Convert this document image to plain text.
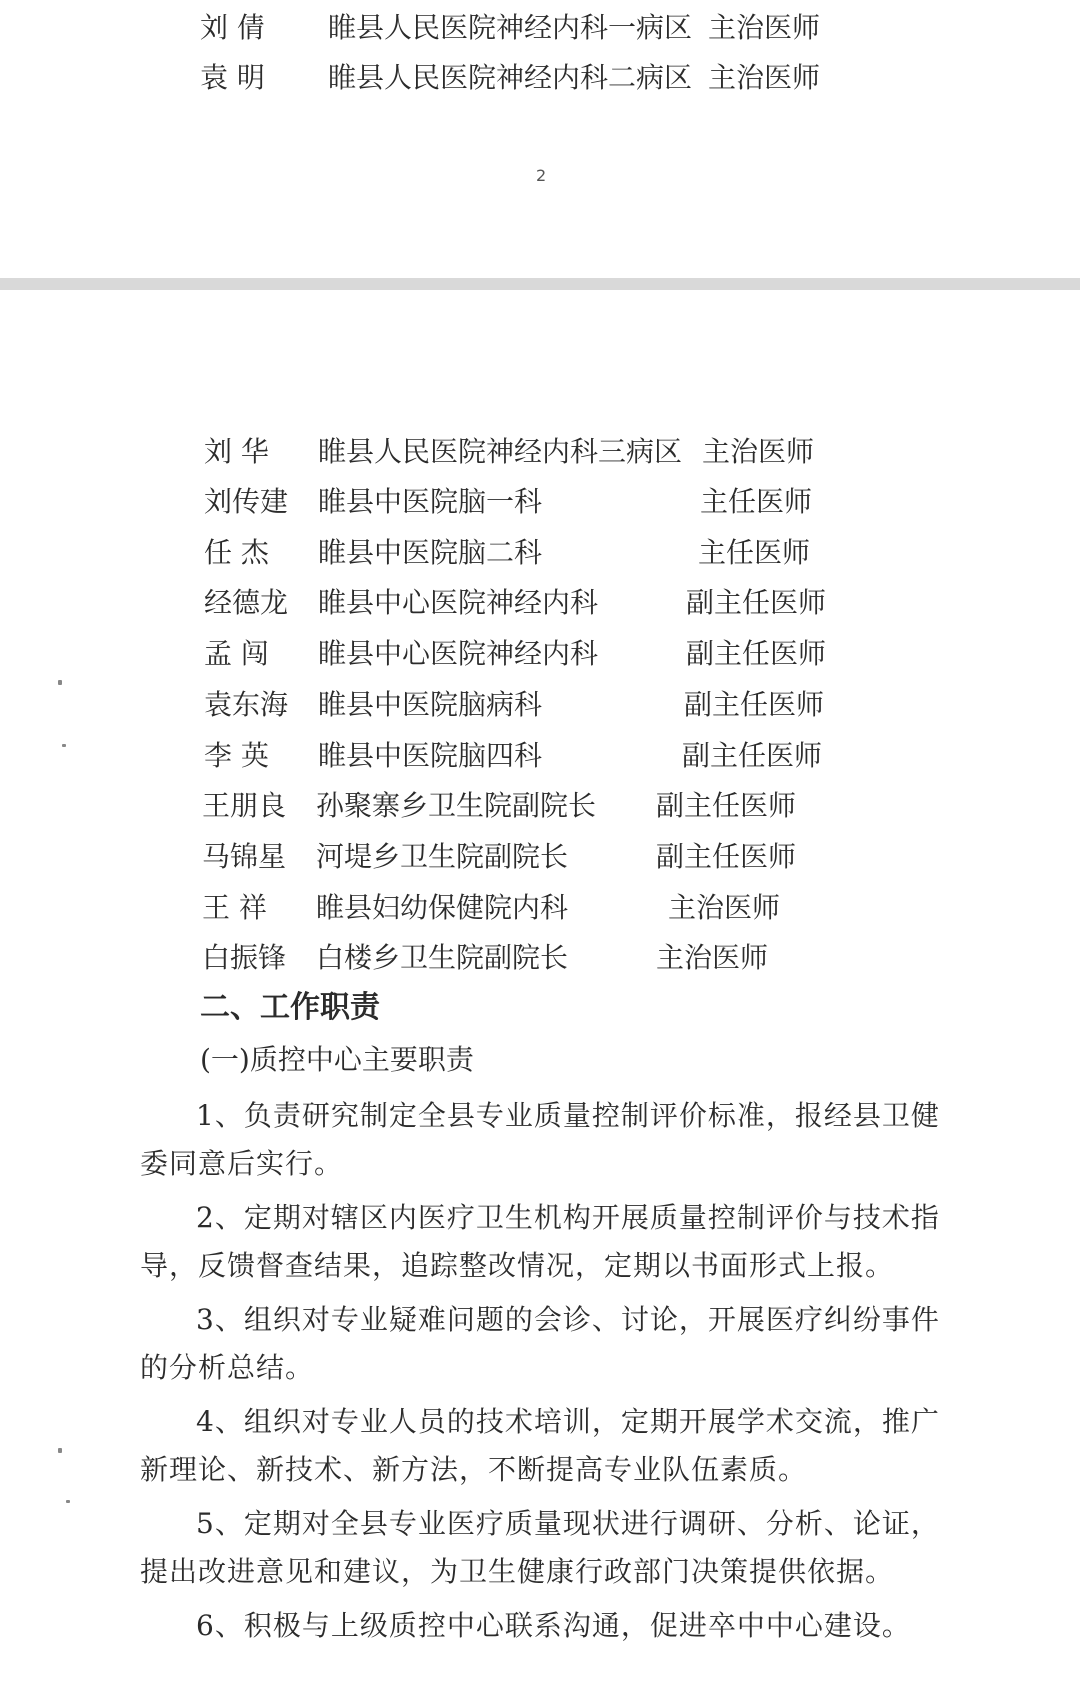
刘 倩 睢县人民医院神经内科一病区 主治医师
袁 明 睢县人民医院神经内科二病区 主治医师
2
刘 华 睢县人民医院神经内科三病区 主治医师
刘传建 睢县中医院脑一科	主任医师
任 杰 睢县中医院脑二科	主任医师
经德龙 睢县中心医院神经内科	副主任医师
孟 闯 睢县中心医院神经内科	副主任医师
袁东海 睢县中医院脑病科	副主任医师
李 英 睢县中医院脑四科	副主任医师
王朋良 孙聚寨乡卫生院副院长 副主任医师
马锦星 河堤乡卫生院副院长	副主任医师
王 祥 睢县妇幼保健院内科	主治医师
白振锋 白楼乡卫生院副院长	主治医师
二、工作职责
(一)质控中心主要职责
1、负责研究制定全县专业质量控制评价标准，报经县卫健
委同意后实行。
2、定期对辖区内医疗卫生机构开展质量控制评价与技术指
导，反馈督查结果，追踪整改情况，定期以书面形式上报。
3、组织对专业疑难问题的会诊、讨论，开展医疗纠纷事件
的分析总结。
4、组织对专业人员的技术培训，定期开展学术交流，推广
新理论、新技术、新方法，不断提高专业队伍素质。
5、定期对全县专业医疗质量现状进行调研、分析、论证，
提出改进意见和建议，为卫生健康行政部门决策提供依据。
6、积极与上级质控中心联系沟通，促进卒中中心建设。
